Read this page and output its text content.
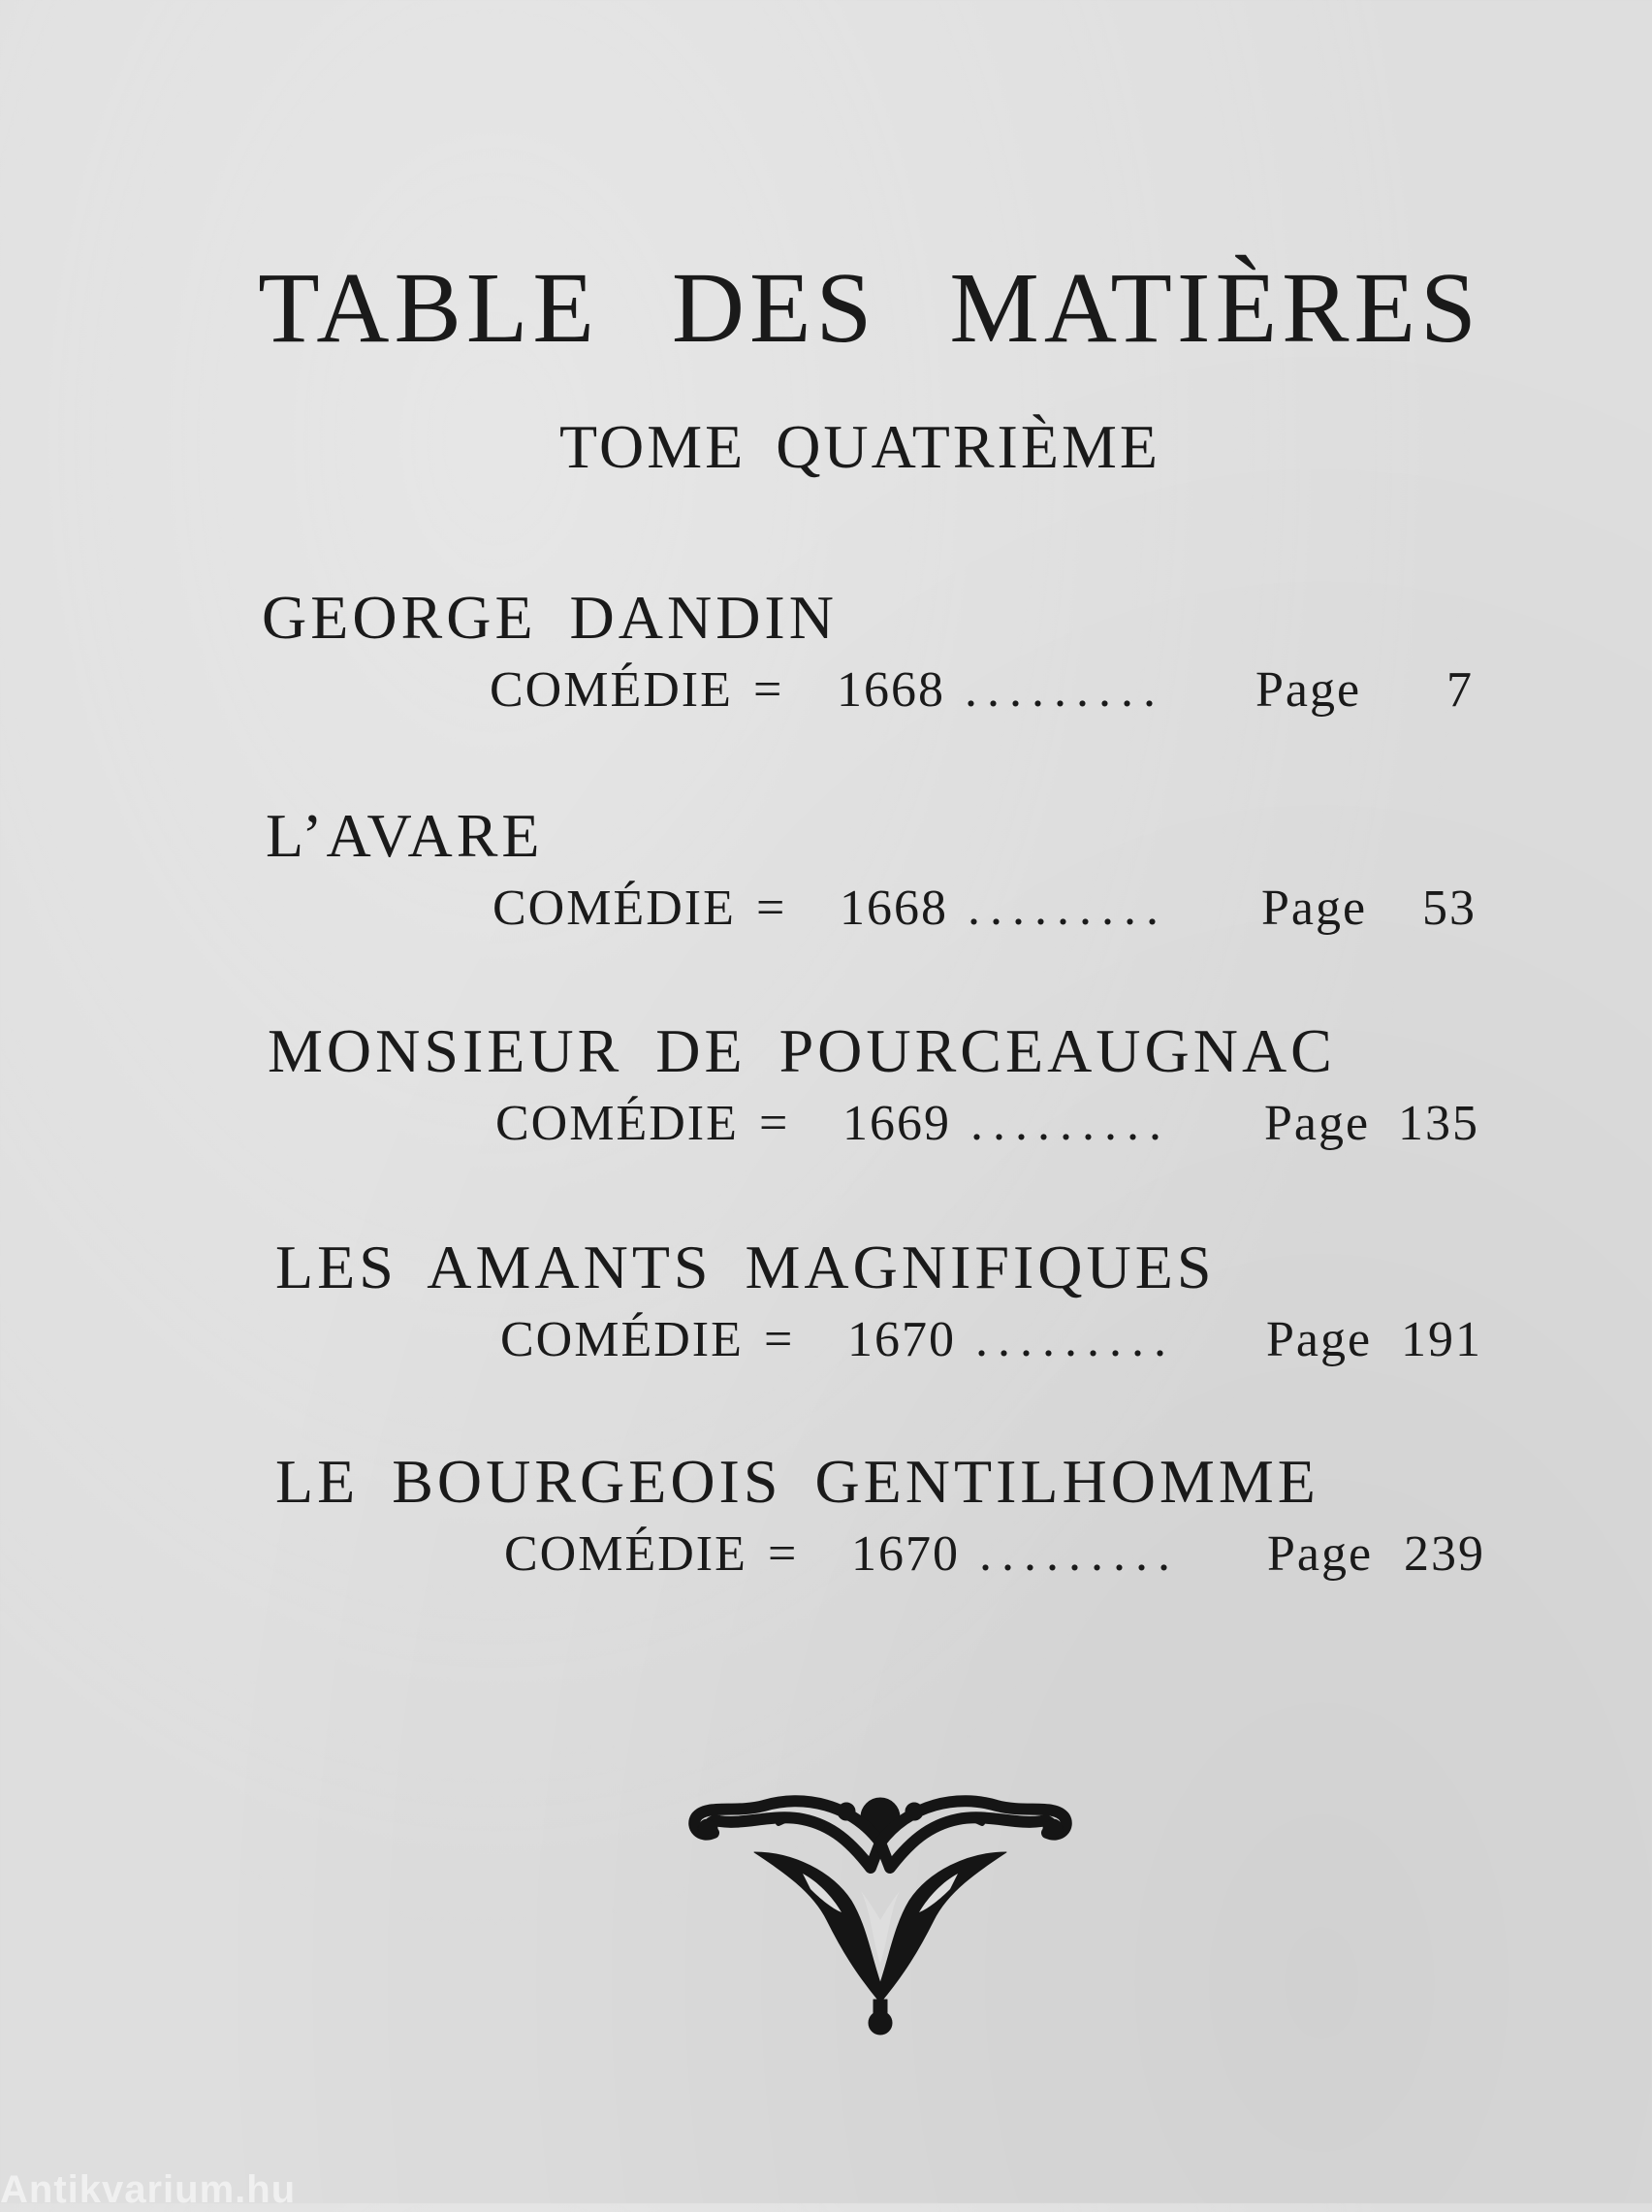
TABLE DES MATIÈRES
TOME QUATRIÈME
GEORGE DANDIN
COMÉDIE = 1668 ......... Page	7
L’AVARE
COMÉDIE = 1668 ......... Page	53
MONSIEUR DE POURCEAUGNAC
COMÉDIE = 1669 ......... Page 135
LES AMANTS MAGNIFIQUES
COMÉDIE = 1670 ......... Page 191
LE BOURGEOIS GENTILHOMME
COMÉDIE = 1670 ......... Page 239
Antikvarium.hu
